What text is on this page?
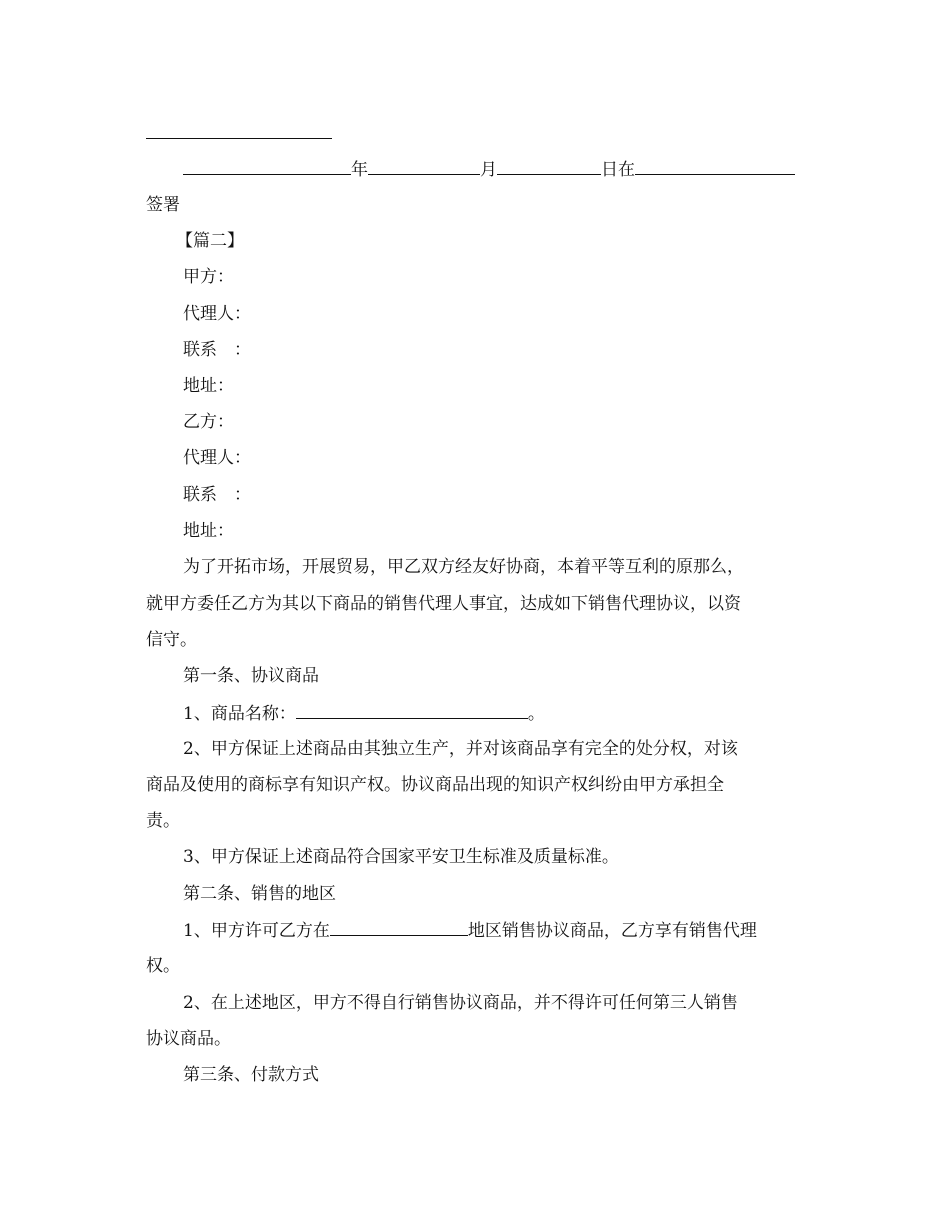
年	月	日在
签署
【篇二】
甲方：
代理人：
联系　：
地址：
乙方：
代理人：
联系　：
地址：
为了开拓市场，开展贸易，甲乙双方经友好协商，本着平等互利的原那么，
就甲方委任乙方为其以下商品的销售代理人事宜，达成如下销售代理协议，以资
信守。
第一条、协议商品
1、商品名称：	。
2、甲方保证上述商品由其独立生产，并对该商品享有完全的处分权，对该
商品及使用的商标享有知识产权。协议商品出现的知识产权纠纷由甲方承担全
责。
3、甲方保证上述商品符合国家平安卫生标准及质量标准。
第二条、销售的地区
1、甲方许可乙方在	地区销售协议商品，乙方享有销售代理
权。
2、在上述地区，甲方不得自行销售协议商品，并不得许可任何第三人销售
协议商品。
第三条、付款方式
